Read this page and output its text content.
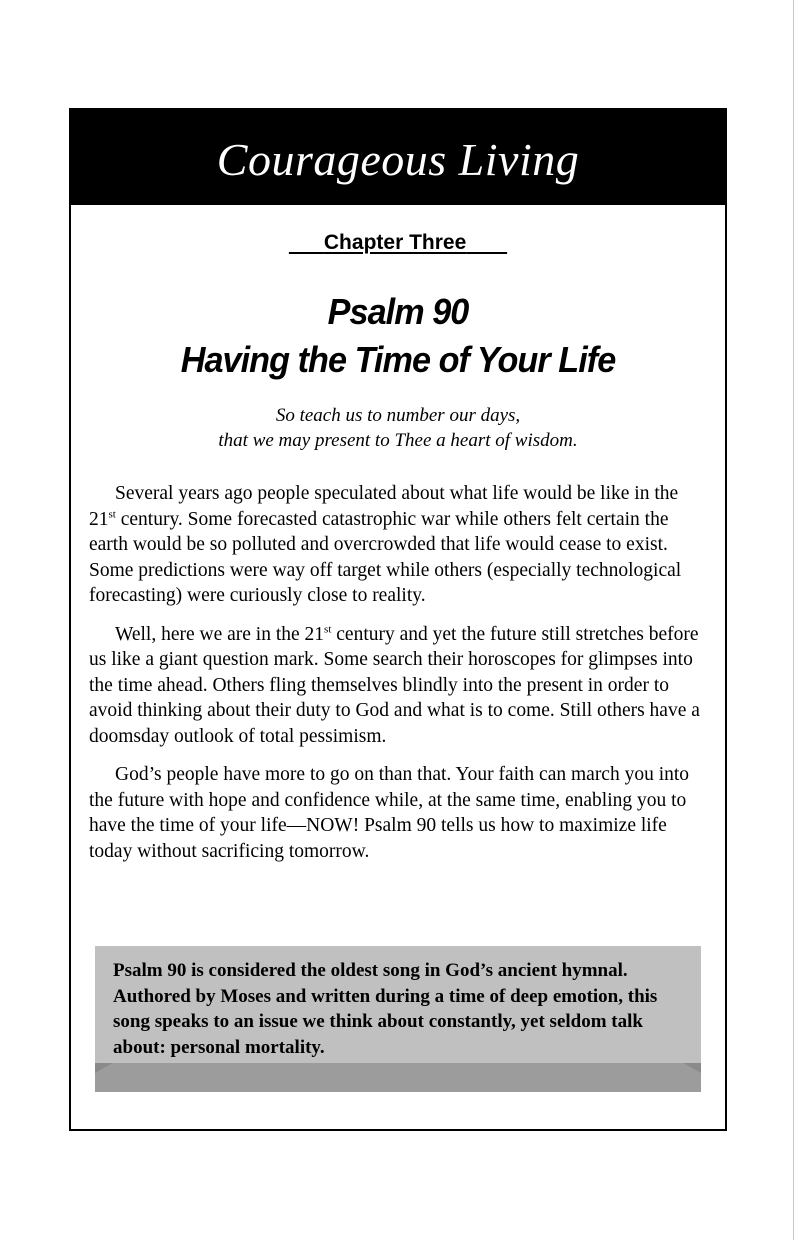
Courageous Living
Chapter Three
Psalm 90
Having the Time of Your Life
So teach us to number our days,
that we may present to Thee a heart of wisdom.

Several years ago people speculated about what life would be like in the 21st century. Some forecasted catastrophic war while others felt certain the earth would be so polluted and overcrowded that life would cease to exist. Some predictions were way off target while others (especially technological forecasting) were curiously close to reality.

Well, here we are in the 21st century and yet the future still stretches before us like a giant question mark. Some search their horoscopes for glimpses into the time ahead. Others fling themselves blindly into the present in order to avoid thinking about their duty to God and what is to come. Still others have a doomsday outlook of total pessimism.

God’s people have more to go on than that. Your faith can march you into the future with hope and confidence while, at the same time, enabling you to have the time of your life—NOW! Psalm 90 tells us how to maximize life today without sacrificing tomorrow.

Psalm 90 is considered the oldest song in God’s ancient hymnal. Authored by Moses and written during a time of deep emotion, this song speaks to an issue we think about constantly, yet seldom talk about: personal mortality.
